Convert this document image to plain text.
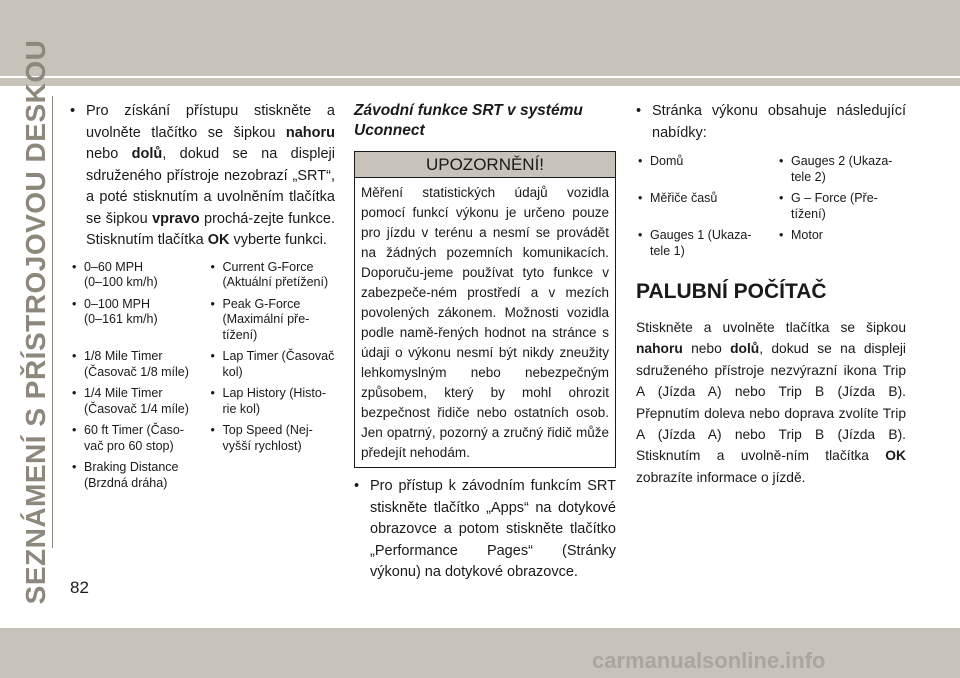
SEZNÁMENÍ S PŘÍSTROJOVOU DESKOU	• Pro získání přístupu stiskněte a uvolněte tlačítko se šipkou nahoru nebo dolů, dokud se na displeji sdruženého přístroje nezobrazí „SRT“, a poté stisknutím a uvolněním tlačítka se šipkou vpravo prochá-zejte funkce. Stisknutím tlačítka OK vyberte funkci.
• 0–60 MPH
(0–100 km/h)
• Current G-Force
(Aktuální přetížení)
• 0–100 MPH
(0–161 km/h)
• Peak G-Force
(Maximální pře-tížení)
• 1/8 Mile Timer
(Časovač 1/8 míle)
• Lap Timer (Časovač
kol)
• 1/4 Mile Timer
(Časovač 1/4 míle)
• Lap History (Histo-
rie kol)
• 60 ft Timer (Časo-
vač pro 60 stop)
• Top Speed (Nej-
vyšší rychlost)
• Braking Distance
(Brzdná dráha)
Závodní funkce SRT v systému Uconnect
UPOZORNĚNÍ!
Měření statistických údajů vozidla pomocí funkcí výkonu je určeno pouze pro jízdu v terénu a nesmí se provádět na žádných pozemních komunikacích. Doporuču-jeme používat tyto funkce v zabezpeče-ném prostředí a v mezích povolených zákonem. Možnosti vozidla podle namě-řených hodnot na stránce s údaji o výkonu nesmí být nikdy zneužity lehkomyslným nebo nebezpečným způsobem, který by mohl ohrozit bezpečnost řidiče nebo ostatních osob. Jen opatrný, pozorný a zručný řidič může předejít nehodám.
• Pro přístup k závodním funkcím SRT stiskněte tlačítko „Apps“ na dotykové obrazovce a potom stiskněte tlačítko „Performance Pages“ (Stránky výkonu) na dotykové obrazovce.
• Stránka výkonu obsahuje následující nabídky:
• Domů	• Gauges 2 (Ukaza-
tele 2)
• Měřiče časů	• G – Force (Pře-
tížení)
• Gauges 1 (Ukaza-
tele 1)
• Motor
PALUBNÍ POČÍTAČ
Stiskněte a uvolněte tlačítka se šipkou nahoru nebo dolů, dokud se na displeji sdruženého přístroje nezvýrazní ikona Trip A (Jízda A) nebo Trip B (Jízda B). Přepnutím doleva nebo doprava zvolíte Trip A (Jízda A) nebo Trip B (Jízda B). Stisknutím a uvolně-ním tlačítka OK zobrazíte informace o jízdě.
82
carmanualsonline.info
